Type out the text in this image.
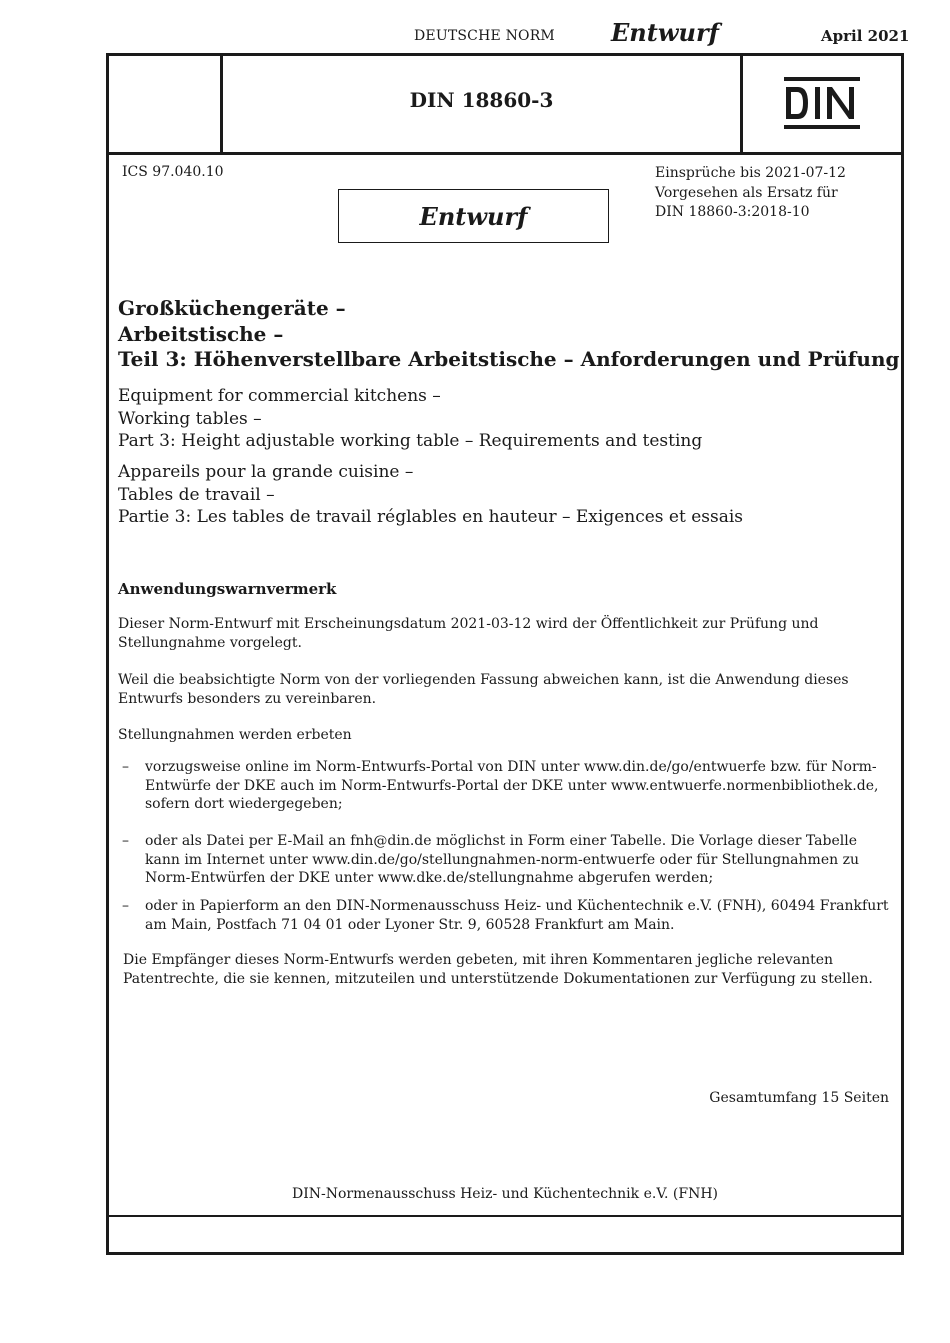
DEUTSCHE NORM Entwurf	April 2021
DIN 18860-3
ICS 97.040.10	Einsprüche bis 2021-07-12
Vorgesehen als Ersatz für
DIN 18860-3:2018-10
Entwurf
Großküchengeräte –
Arbeitstische –
Teil 3: Höhenverstellbare Arbeitstische – Anforderungen und Prüfung
Equipment for commercial kitchens –
Working tables –
Part 3: Height adjustable working table – Requirements and testing
Appareils pour la grande cuisine –
Tables de travail –
Partie 3: Les tables de travail réglables en hauteur – Exigences et essais
Anwendungswarnvermerk
Dieser Norm-Entwurf mit Erscheinungsdatum 2021-03-12 wird der Öffentlichkeit zur Prüfung und Stellungnahme vorgelegt.
Weil die beabsichtigte Norm von der vorliegenden Fassung abweichen kann, ist die Anwendung dieses Entwurfs besonders zu vereinbaren.
Stellungnahmen werden erbeten
–	vorzugsweise online im Norm-Entwurfs-Portal von DIN unter www.din.de/go/entwuerfe bzw. für Norm-Entwürfe der DKE auch im Norm-Entwurfs-Portal der DKE unter www.entwuerfe.normenbibliothek.de, sofern dort wiedergegeben;
–	oder als Datei per E-Mail an fnh@din.de möglichst in Form einer Tabelle. Die Vorlage dieser Tabelle kann im Internet unter www.din.de/go/stellungnahmen-norm-entwuerfe oder für Stellungnahmen zu Norm-Entwürfen der DKE unter www.dke.de/stellungnahme abgerufen werden;
–	oder in Papierform an den DIN-Normenausschuss Heiz- und Küchentechnik e.V. (FNH), 60494 Frankfurt am Main, Postfach 71 04 01 oder Lyoner Str. 9, 60528 Frankfurt am Main.
Die Empfänger dieses Norm-Entwurfs werden gebeten, mit ihren Kommentaren jegliche relevanten Patentrechte, die sie kennen, mitzuteilen und unterstützende Dokumentationen zur Verfügung zu stellen.
Gesamtumfang 15 Seiten
DIN-Normenausschuss Heiz- und Küchentechnik e.V. (FNH)
